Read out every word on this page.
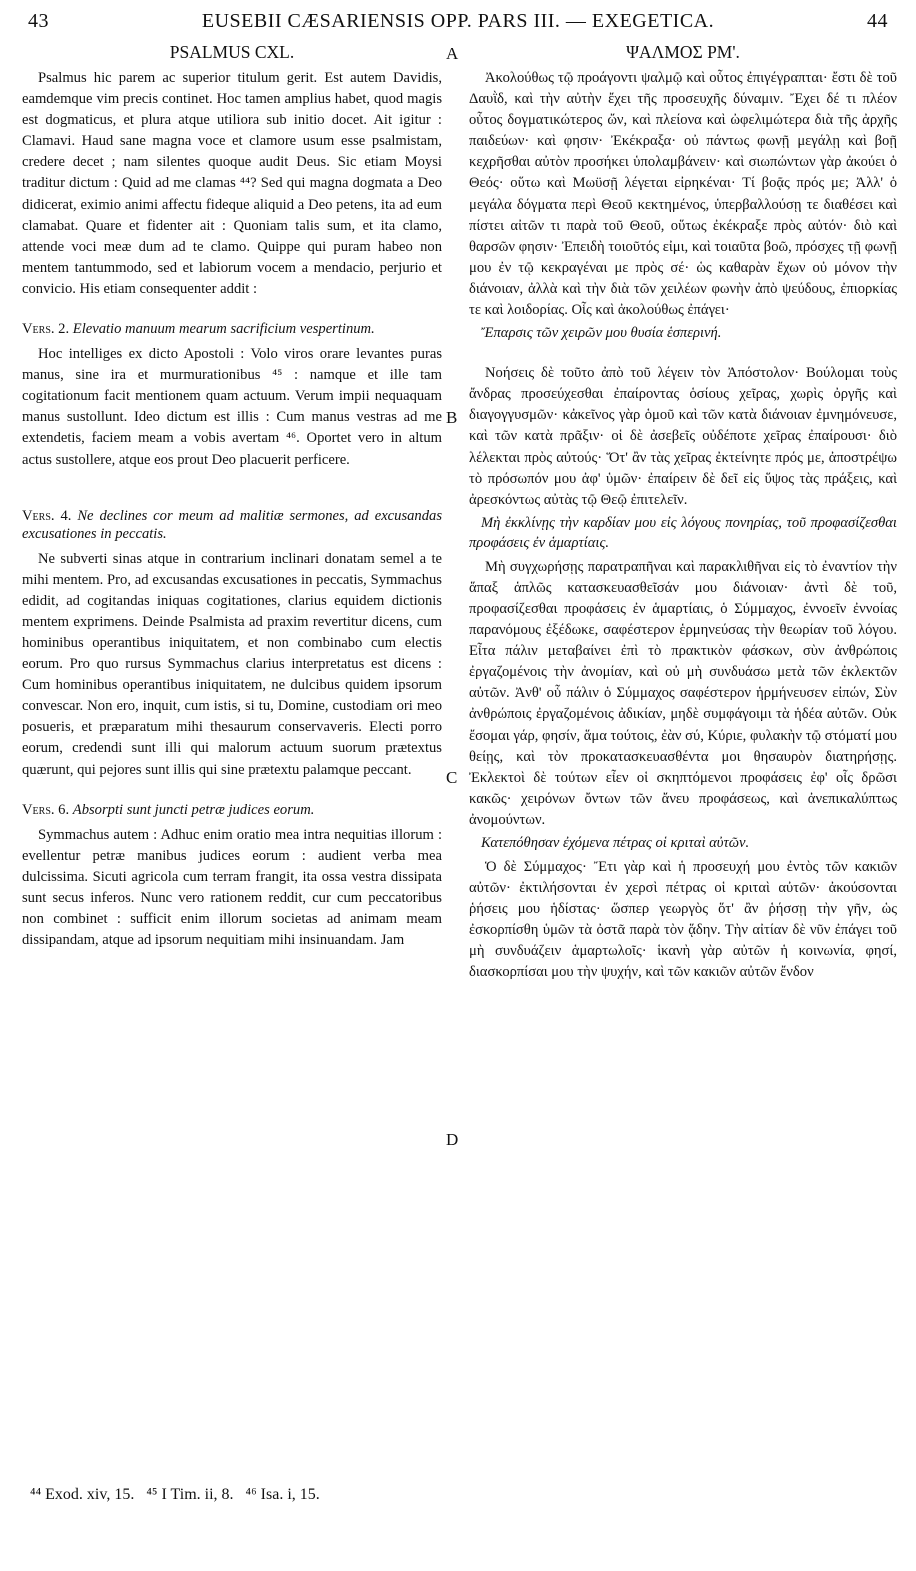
43	EUSEBII CÆSARIENSIS OPP. PARS III. — EXEGETICA.	44
PSALMUS CXL.

Psalmus hic parem ac superior titulum gerit. Est autem Davidis, eamdemque vim precis continet. Hoc tamen amplius habet, quod magis est dogmaticus, et plura atque utiliora sub initio docet. Ait igitur : Clamavi. Haud sane magna voce et clamore usum esse psalmistam, credere decet ; nam silentes quoque audit Deus. Sic etiam Moysi traditur dictum : Quid ad me clamas ⁴⁴? Sed qui magna dogmata a Deo didicerat, eximio animi affectu fideque aliquid a Deo petens, ita ad eum clamabat. Quare et fidenter ait : Quoniam talis sum, et ita clamo, attende voci meæ dum ad te clamo. Quippe qui puram habeo non mentem tantummodo, sed et labiorum vocem a mendacio, perjurio et convicio. His etiam consequenter addit :

Vers. 2. Elevatio manuum mearum sacrificium vespertinum.

Hoc intelliges ex dicto Apostoli : Volo viros orare levantes puras manus, sine ira et murmurationibus ⁴⁵ : namque et ille tam cogitationum facit mentionem quam actuum. Verum impii nequaquam manus sustollunt. Ideo dictum est illis : Cum manus vestras ad me extendetis, faciem meam a vobis avertam ⁴⁶. Oportet vero in altum actus sustollere, atque eos prout Deo placuerit perficere.

Vers. 4. Ne declines cor meum ad malitiæ sermones, ad excusandas excusationes in peccatis.

Ne subverti sinas atque in contrarium inclinari donatam semel a te mihi mentem. Pro, ad excusandas excusationes in peccatis, Symmachus edidit, ad cogitandas iniquas cogitationes, clarius equidem dictionis mentem exprimens. Deinde Psalmista ad praxim revertitur dicens, cum hominibus operantibus iniquitatem, et non combinabo cum electis eorum. Pro quo rursus Symmachus clarius interpretatus est dicens : Cum hominibus operantibus iniquitatem, ne dulcibus quidem ipsorum convescar. Non ero, inquit, cum istis, si tu, Domine, custodiam ori meo posueris, et præparatum mihi thesaurum conservaveris. Electi porro eorum, credendi sunt illi qui malorum actuum suorum prætextus quærunt, qui pejores sunt illis qui sine prætextu palamque peccant.

Vers. 6. Absorpti sunt juncti petræ judices eorum.

Symmachus autem : Adhuc enim oratio mea intra nequitias illorum : evellentur petræ manibus judices eorum : audient verba mea dulcissima. Sicuti agricola cum terram frangit, ita ossa vestra dissipata sunt secus inferos. Nunc vero rationem reddit, cur cum peccatoribus non combinet : sufficit enim illorum societas ad animam meam dissipandam, atque ad ipsorum nequitiam mihi insinuandam. Jam

A
B
C
D
ΨΑΛΜΟΣ ΡΜ'.

Ἀκολούθως τῷ προάγοντι ψαλμῷ καὶ οὗτος ἐπιγέγραπται· ἔστι δὲ τοῦ Δαυῒδ, καὶ τὴν αὐτὴν ἔχει τῆς προσευχῆς δύναμιν. Ἔχει δέ τι πλέον οὗτος δογματικώτερος ὤν, καὶ πλείονα καὶ ὠφελιμώτερα διὰ τῆς ἀρχῆς παιδεύων· καὶ φησιν· Ἐκέκραξα· οὐ πάντως φωνῇ μεγάλῃ καὶ βοῇ κεχρῆσθαι αὐτὸν προσήκει ὑπολαμβάνειν· καὶ σιωπώντων γὰρ ἀκούει ὁ Θεός· οὕτω καὶ Μωϋσῇ λέγεται εἰρηκέναι· Τί βοᾷς πρός με; Ἀλλ' ὁ μεγάλα δόγματα περὶ Θεοῦ κεκτημένος, ὑπερβαλλούσῃ τε διαθέσει καὶ πίστει αἰτῶν τι παρὰ τοῦ Θεοῦ, οὕτως ἐκέκραξε πρὸς αὐτόν· διὸ καὶ θαρσῶν φησιν· Ἐπειδὴ τοιοῦτός εἰμι, καὶ τοιαῦτα βοῶ, πρόσχες τῇ φωνῇ μου ἐν τῷ κεκραγέναι με πρὸς σέ· ὡς καθαρὰν ἔχων οὐ μόνον τὴν διάνοιαν, ἀλλὰ καὶ τὴν διὰ τῶν χειλέων φωνὴν ἀπὸ ψεύδους, ἐπιορκίας τε καὶ λοιδορίας. Οἷς καὶ ἀκολούθως ἐπάγει·

Ἔπαρσις τῶν χειρῶν μου θυσία ἑσπερινή.

Νοήσεις δὲ τοῦτο ἀπὸ τοῦ λέγειν τὸν Ἀπόστολον· Βούλομαι τοὺς ἄνδρας προσεύχεσθαι ἐπαίροντας ὁσίους χεῖρας, χωρὶς ὀργῆς καὶ διαγογγυσμῶν· κἀκεῖνος γὰρ ὁμοῦ καὶ τῶν κατὰ διάνοιαν ἐμνημόνευσε, καὶ τῶν κατὰ πρᾶξιν· οἱ δὲ ἀσεβεῖς οὐδέποτε χεῖρας ἐπαίρουσι· διὸ λέλεκται πρὸς αὐτούς· Ὅτ' ἂν τὰς χεῖρας ἐκτείνητε πρός με, ἀποστρέψω τὸ πρόσωπόν μου ἀφ' ὑμῶν· ἐπαίρειν δὲ δεῖ εἰς ὕψος τὰς πράξεις, καὶ ἀρεσκόντως αὐτὰς τῷ Θεῷ ἐπιτελεῖν.

Μὴ ἐκκλίνῃς τὴν καρδίαν μου εἰς λόγους πονηρίας, τοῦ προφασίζεσθαι προφάσεις ἐν ἁμαρτίαις.

Μὴ συγχωρήσῃς παρατραπῆναι καὶ παρακλιθῆναι εἰς τὸ ἐναντίον τὴν ἅπαξ ἁπλῶς κατασκευασθεῖσάν μου διάνοιαν· ἀντὶ δὲ τοῦ, προφασίζεσθαι προφάσεις ἐν ἁμαρτίαις, ὁ Σύμμαχος, ἐννοεῖν ἐννοίας παρανόμους ἐξέδωκε, σαφέστερον ἑρμηνεύσας τὴν θεωρίαν τοῦ λόγου. Εἶτα πάλιν μεταβαίνει ἐπὶ τὸ πρακτικὸν φάσκων, σὺν ἀνθρώποις ἐργαζομένοις τὴν ἀνομίαν, καὶ οὐ μὴ συνδυάσω μετὰ τῶν ἐκλεκτῶν αὐτῶν. Ἀνθ' οὗ πάλιν ὁ Σύμμαχος σαφέστερον ἡρμήνευσεν εἰπών, Σὺν ἀνθρώποις ἐργαζομένοις ἀδικίαν, μηδὲ συμφάγοιμι τὰ ἡδέα αὐτῶν. Οὐκ ἔσομαι γάρ, φησίν, ἅμα τούτοις, ἐὰν σύ, Κύριε, φυλακὴν τῷ στόματί μου θείῃς, καὶ τὸν προκατασκευασθέντα μοι θησαυρὸν διατηρήσῃς. Ἐκλεκτοὶ δὲ τούτων εἶεν οἱ σκηπτόμενοι προφάσεις ἐφ' οἷς δρῶσι κακῶς· χειρόνων ὄντων τῶν ἄνευ προφάσεως, καὶ ἀνεπικαλύπτως ἀνομούντων.

Κατεπόθησαν ἐχόμενα πέτρας οἱ κριταὶ αὐτῶν.

Ὁ δὲ Σύμμαχος· Ἔτι γὰρ καὶ ἡ προσευχή μου ἐντὸς τῶν κακιῶν αὐτῶν· ἐκτιλήσονται ἐν χερσὶ πέτρας οἱ κριταὶ αὐτῶν· ἀκούσονται ῥήσεις μου ἡδίστας· ὥσπερ γεωργὸς ὅτ' ἂν ῥήσσῃ τὴν γῆν, ὡς ἐσκορπίσθη ὑμῶν τὰ ὀστᾶ παρὰ τὸν ᾅδην. Τὴν αἰτίαν δὲ νῦν ἐπάγει τοῦ μὴ συνδυάζειν ἁμαρτωλοῖς· ἱκανὴ γὰρ αὐτῶν ἡ κοινωνία, φησί, διασκορπίσαι μου τὴν ψυχήν, καὶ τῶν κακιῶν αὐτῶν ἔνδον

⁴⁴ Exod. xiv, 15.   ⁴⁵ I Tim. ii, 8.   ⁴⁶ Isa. i, 15.
